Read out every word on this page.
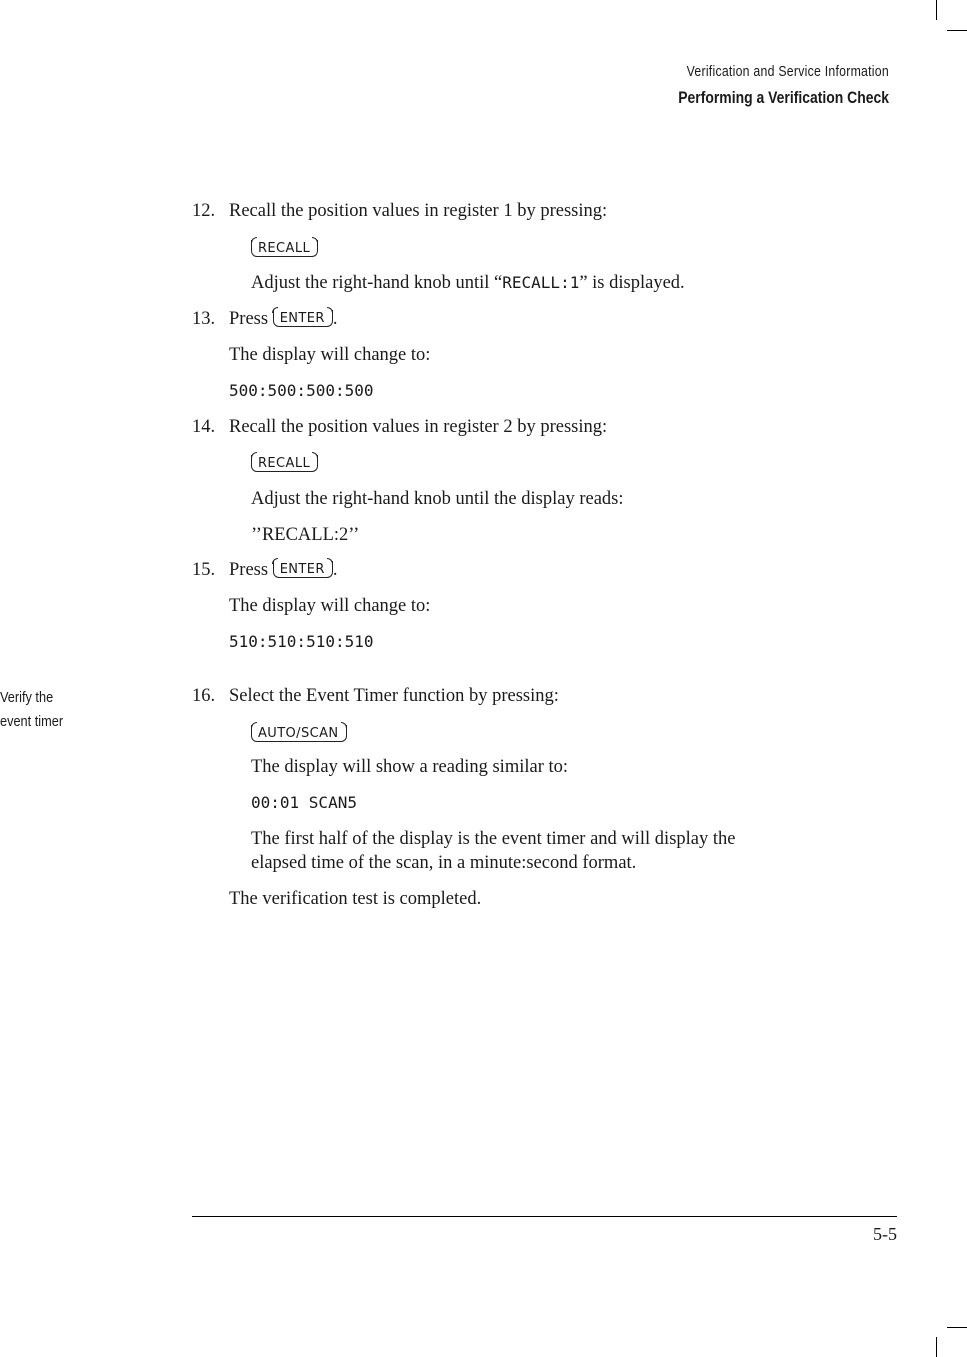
Verification and Service Information
Performing a Verification Check
Verify the
event timer
12. Recall the position values in register 1 by pressing:
RECALL
Adjust the right-hand knob until “RECALL:1” is displayed.
13. Press ENTER .
The display will change to:
500:500:500:500
14. Recall the position values in register 2 by pressing:
RECALL
Adjust the right-hand knob until the display reads:
’’RECALL:2’’
15. Press ENTER .
The display will change to:
510:510:510:510
16. Select the Event Timer function by pressing:
AUTO/SCAN
The display will show a reading similar to:
00:01 SCAN5
The first half of the display is the event timer and will display the
elapsed time of the scan, in a minute:second format.
The verification test is completed.
5-5
